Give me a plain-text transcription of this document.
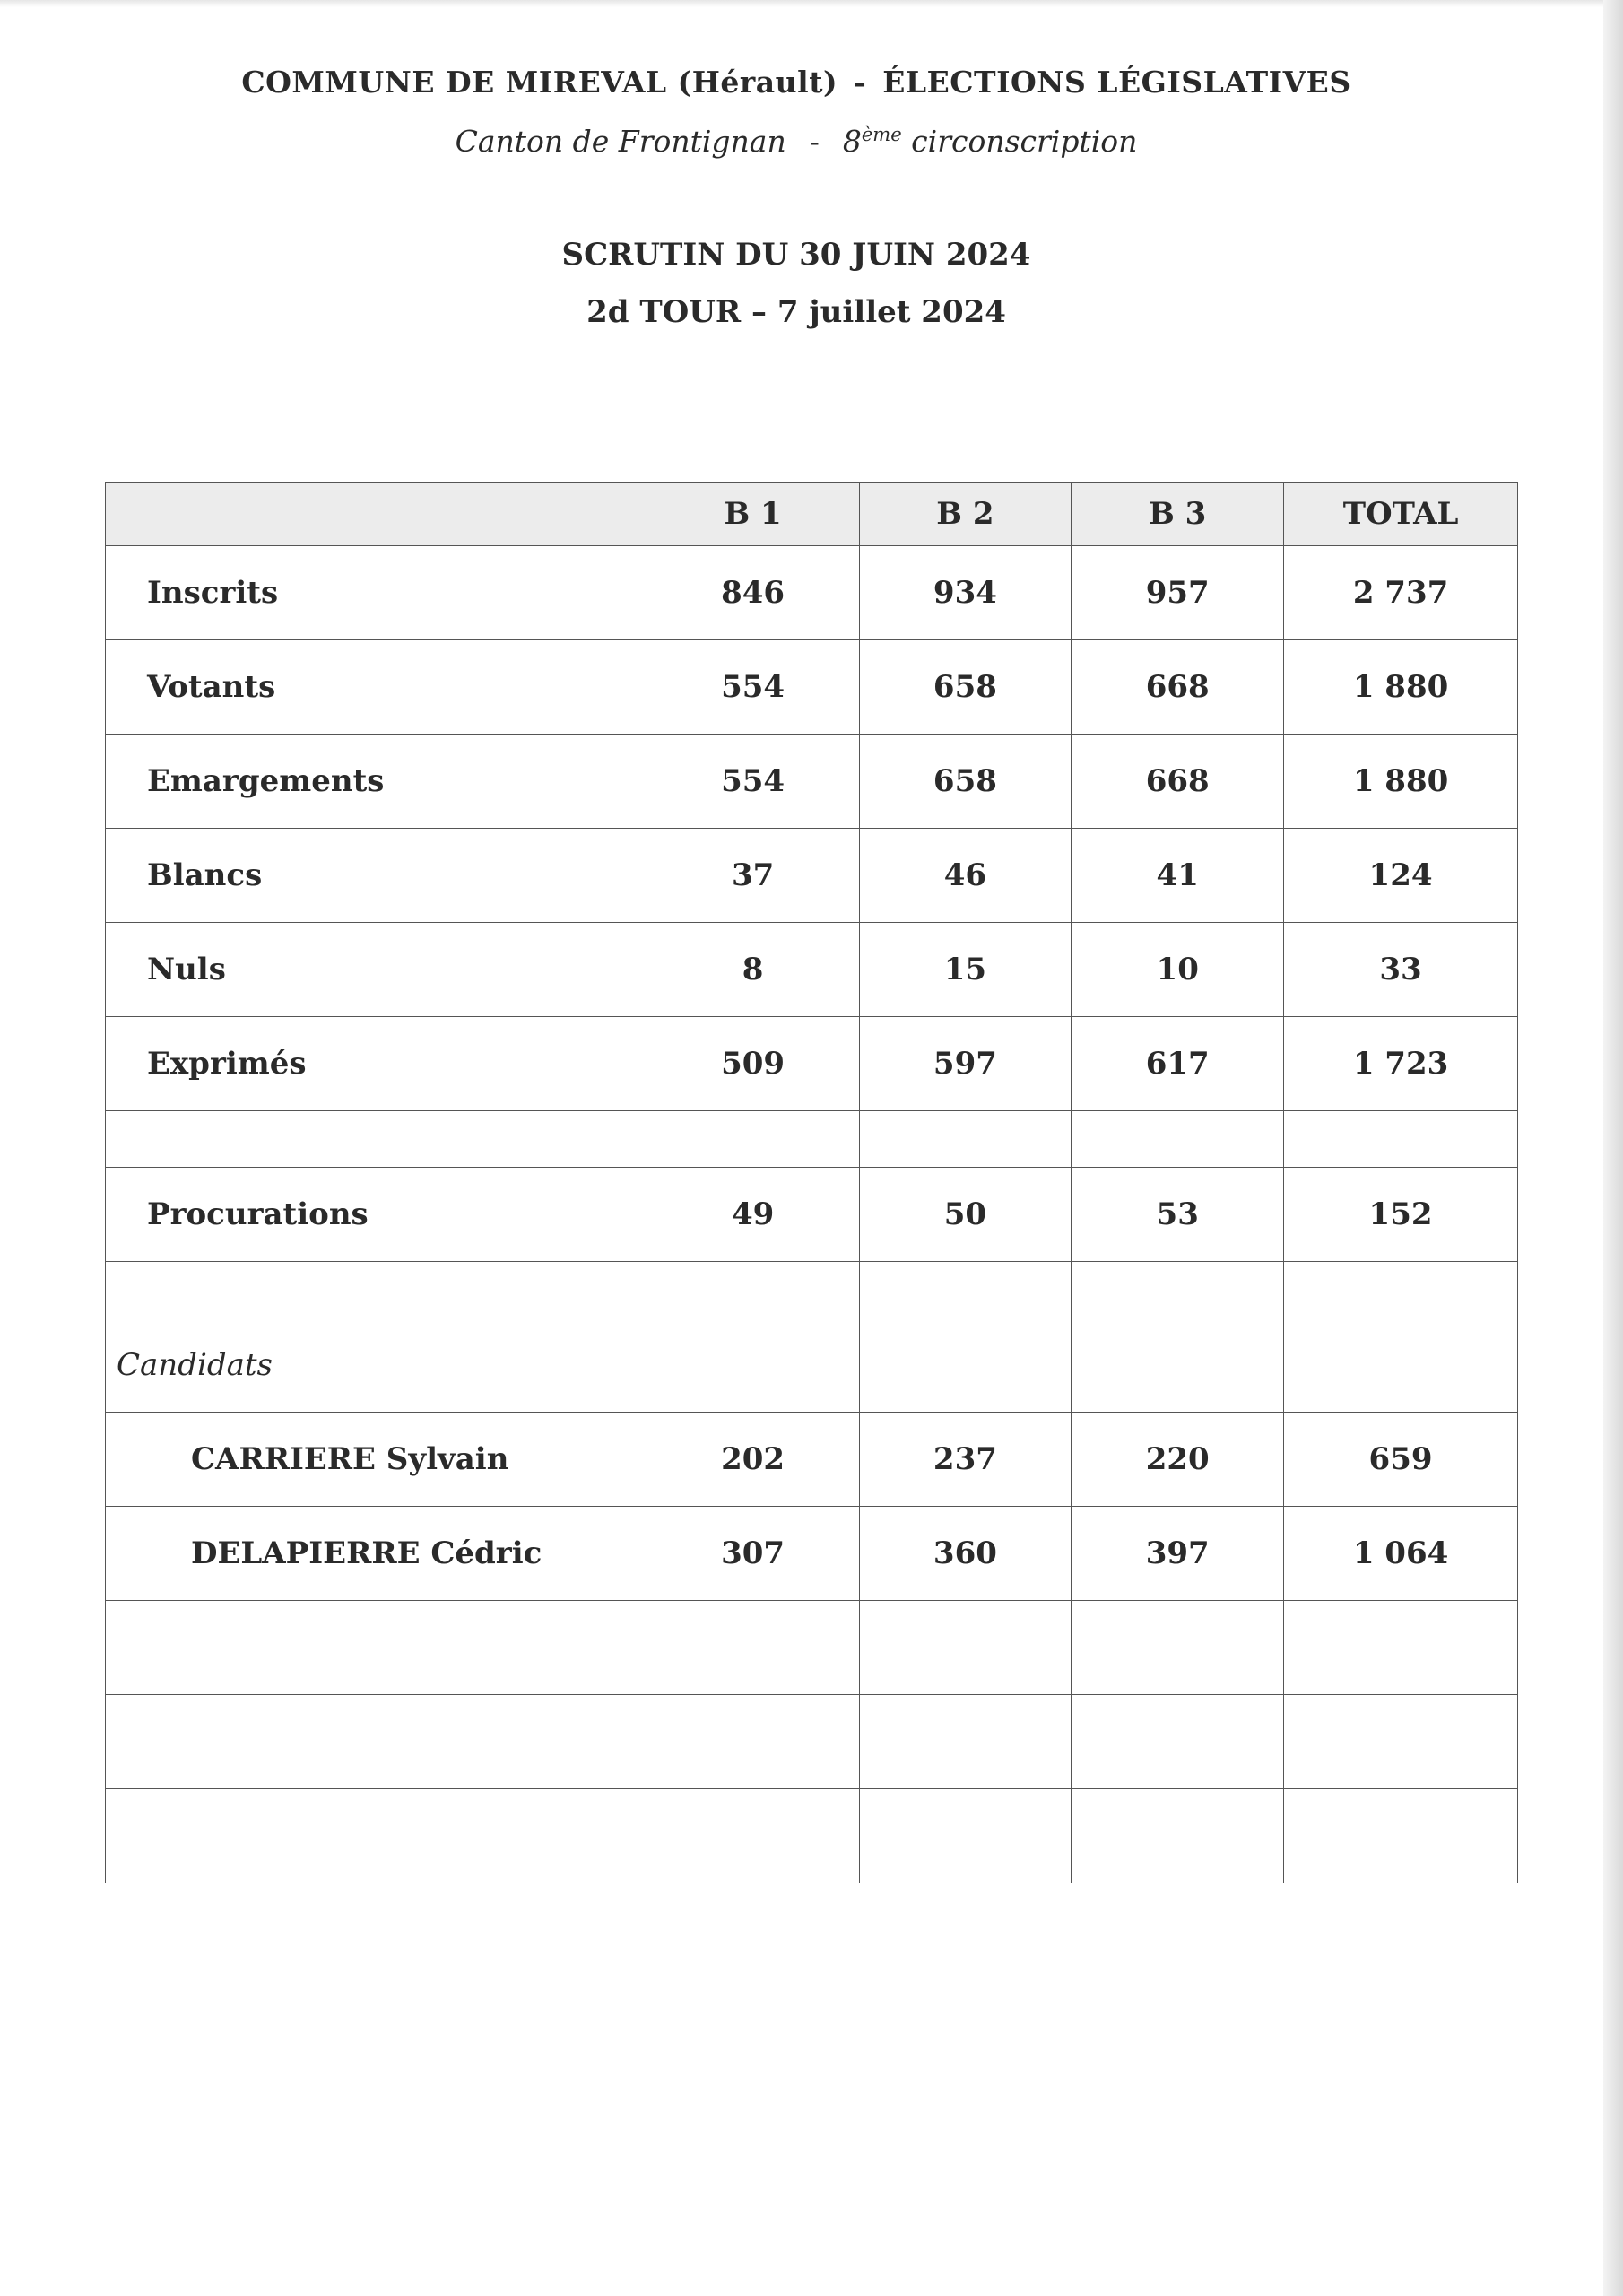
COMMUNE DE MIREVAL (Hérault) - ÉLECTIONS LÉGISLATIVES
Canton de Frontignan - 8ème circonscription
SCRUTIN DU 30 JUIN 2024
2d TOUR – 7 juillet 2024
	B 1	B 2	B 3	TOTAL
Inscrits	846	934	957	2 737
Votants	554	658	668	1 880
Emargements	554	658	668	1 880
Blancs	37	46	41	124
Nuls	8	15	10	33
Exprimés	509	597	617	1 723

Procurations	49	50	53	152

Candidats				
CARRIERE Sylvain	202	237	220	659
DELAPIERRE Cédric	307	360	397	1 064
